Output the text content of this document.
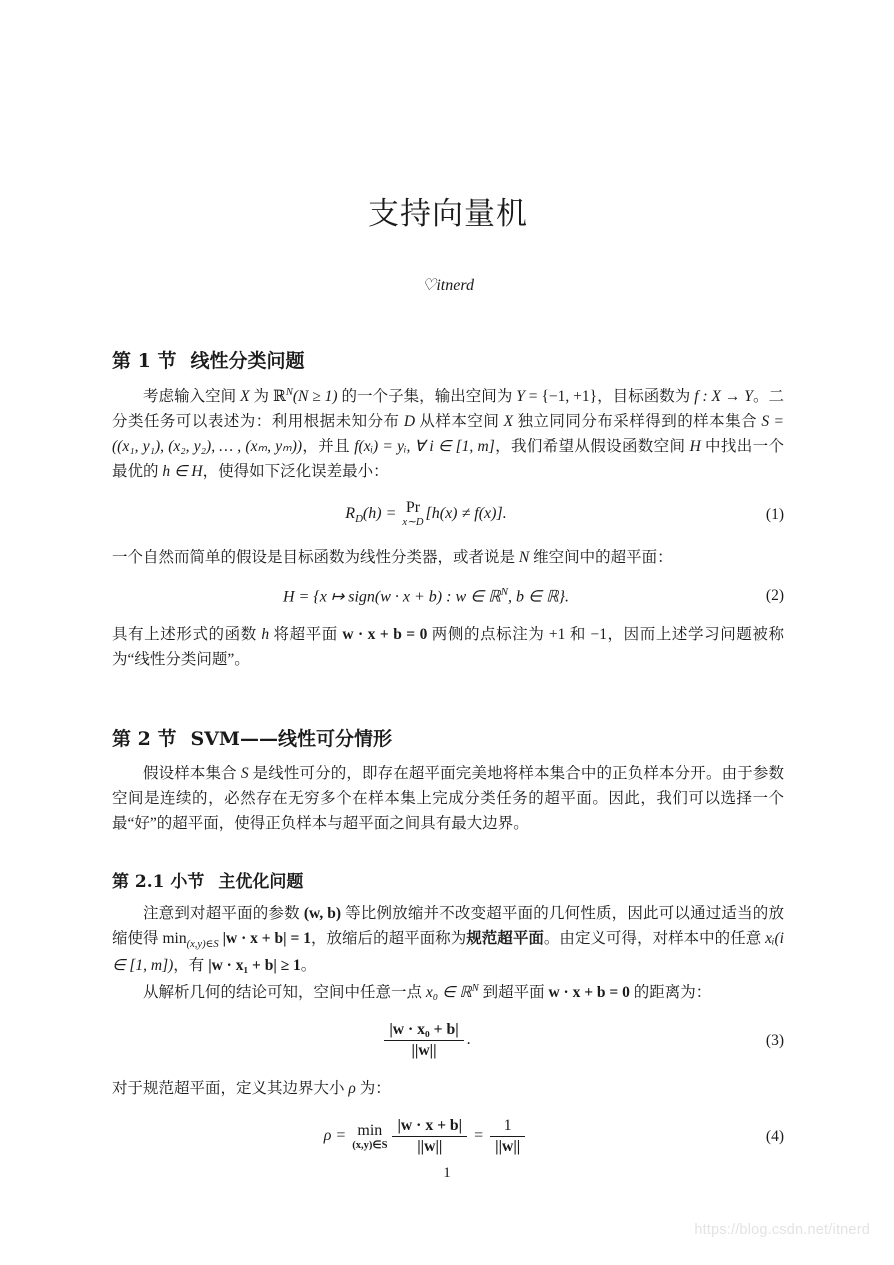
支持向量机
♡itnerd
第 1 节 线性分类问题

考虑输入空间 X 为 ℝ$^N$(N ≥ 1) 的一个子集，输出空间为 Y = {−1, +1}，目标函数为 f : X → Y。二分类任务可以表述为：利用根据未知分布 D 从样本空间 X 独立同同分布采样得到的样本集合 S = ((x₁, y₁), (x₂, y₂), … , (xₘ, yₘ))，并且 f(xᵢ) = yᵢ, ∀ i ∈ [1, m]，我们希望从假设函数空间 H 中找出一个最优的 h ∈ H，使得如下泛化误差最小：

$R_D(h) = Pr$
x∼D
[h(x) ≠ f(x)].	(1)

一个自然而简单的假设是目标函数为线性分类器，或者说是 N 维空间中的超平面：

H = {x ↦ sign(w · x + b) : w ∈ ℝ$^N$, b ∈ ℝ}.	(2)

具有上述形式的函数 h 将超平面 w · x + b = 0 两侧的点标注为 +1 和 −1，因而上述学习问题被称为“线性分类问题”。

第 2 节 SVM——线性可分情形

假设样本集合 S 是线性可分的，即存在超平面完美地将样本集合中的正负样本分开。由于参数空间是连续的，必然存在无穷多个在样本集上完成分类任务的超平面。因此，我们可以选择一个最“好”的超平面，使得正负样本与超平面之间具有最大边界。

第 2.1 小节 主优化问题

注意到对超平面的参数 (w, b) 等比例放缩并不改变超平面的几何性质，因此可以通过适当的放缩使得 $\min_{(x,y)\in S} |w \cdot x + b| = 1$，放缩后的超平面称为规范超平面。由定义可得，对样本中的任意 xᵢ(i ∈ [1, m])，有 |w · x₁ + b| ≥ 1。

从解析几何的结论可知，空间中任意一点 x₀ ∈ ℝ$^N$ 到超平面 w · x + b = 0 的距离为：

$\frac{\text{|w · x₀ + b|}}{||w||}$ .	(3)

对于规范超平面，定义其边界大小 ρ 为：

ρ = min
(x,y)∈S $\frac{|w \cdot x + b|}{||w||} = \frac{1}{||w||}$	(4)
1
https://blog.csdn.net/itnerd
